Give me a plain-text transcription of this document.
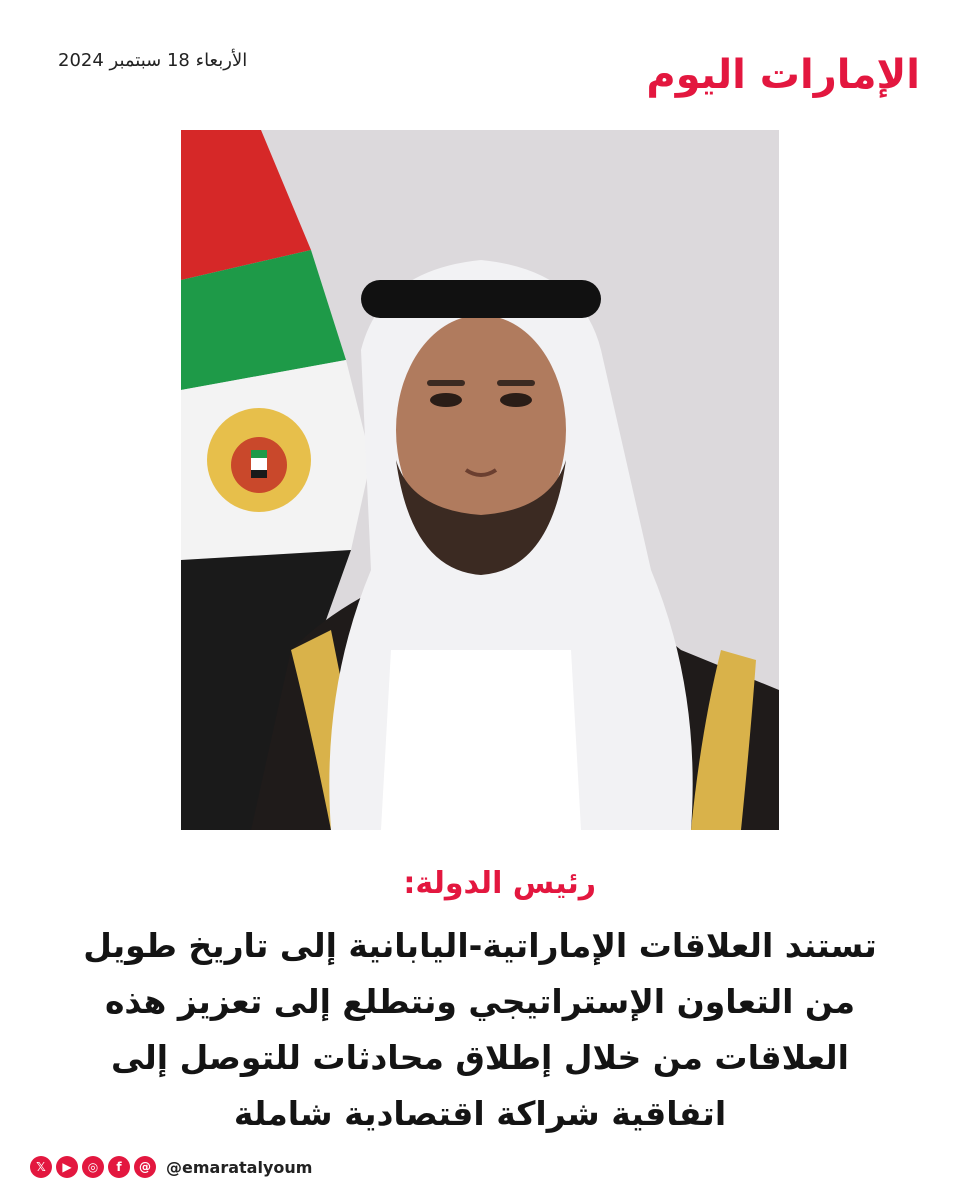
الأربعاء 18 سبتمبر 2024	الإمارات اليوم
رئيس الدولة:
تستند العلاقات الإماراتية-اليابانية إلى تاريخ طويل
من التعاون الإستراتيجي ونتطلع إلى تعزيز هذه
العلاقات من خلال إطلاق محادثات للتوصل إلى
اتفاقية شراكة اقتصادية شاملة
𝕏	▶	◎	f	@ @emaratalyoum
